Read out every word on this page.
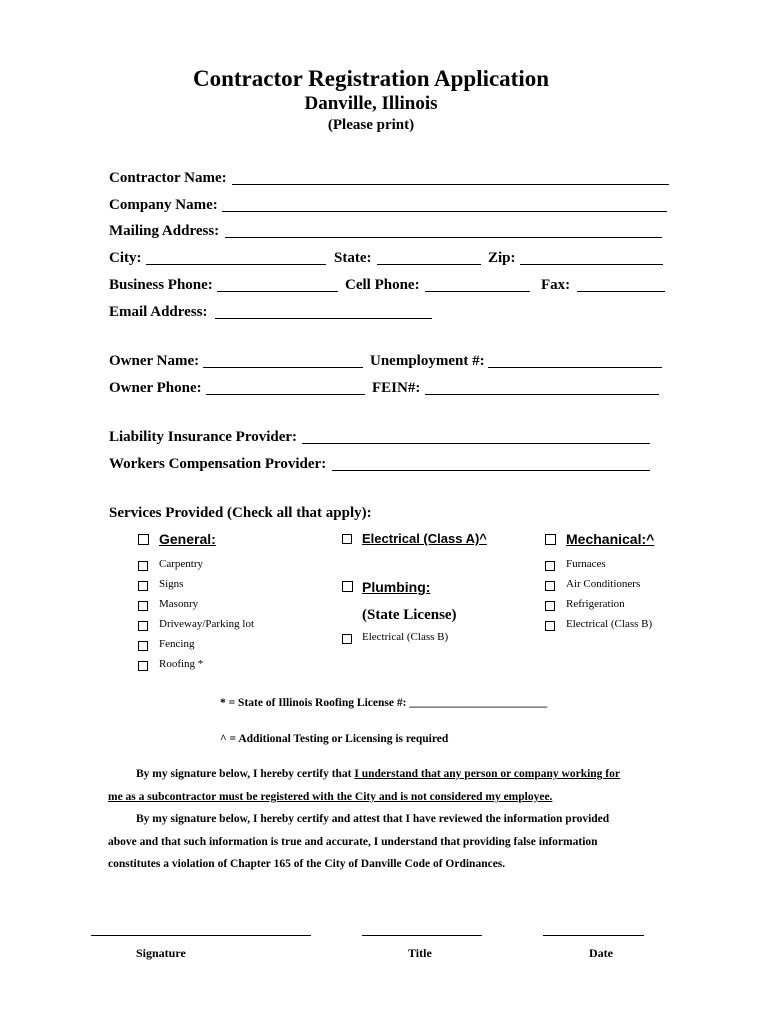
Contractor Registration Application
Danville, Illinois
(Please print)
Contractor Name:
Company Name:
Mailing Address:
City:	State:	Zip:
Business Phone:	Cell Phone:	Fax:
Email Address:
Owner Name:	Unemployment #:
Owner Phone:	FEIN#:
Liability Insurance Provider:
Workers Compensation Provider:
Services Provided (Check all that apply):
General:
Carpentry
Signs
Masonry
Driveway/Parking lot
Fencing
Roofing *
Electrical (Class A)^
Plumbing:
(State License)
Electrical (Class B)
Mechanical:^
Furnaces
Air Conditioners
Refrigeration
Electrical (Class B)
* = State of Illinois Roofing License #: ________________________
^ = Additional Testing or Licensing is required
By my signature below, I hereby certify that I understand that any person or company working for
me as a subcontractor must be registered with the City and is not considered my employee.
By my signature below, I hereby certify and attest that I have reviewed the information provided
above and that such information is true and accurate, I understand that providing false information
constitutes a violation of Chapter 165 of the City of Danville Code of Ordinances.
Signature	Title	Date
